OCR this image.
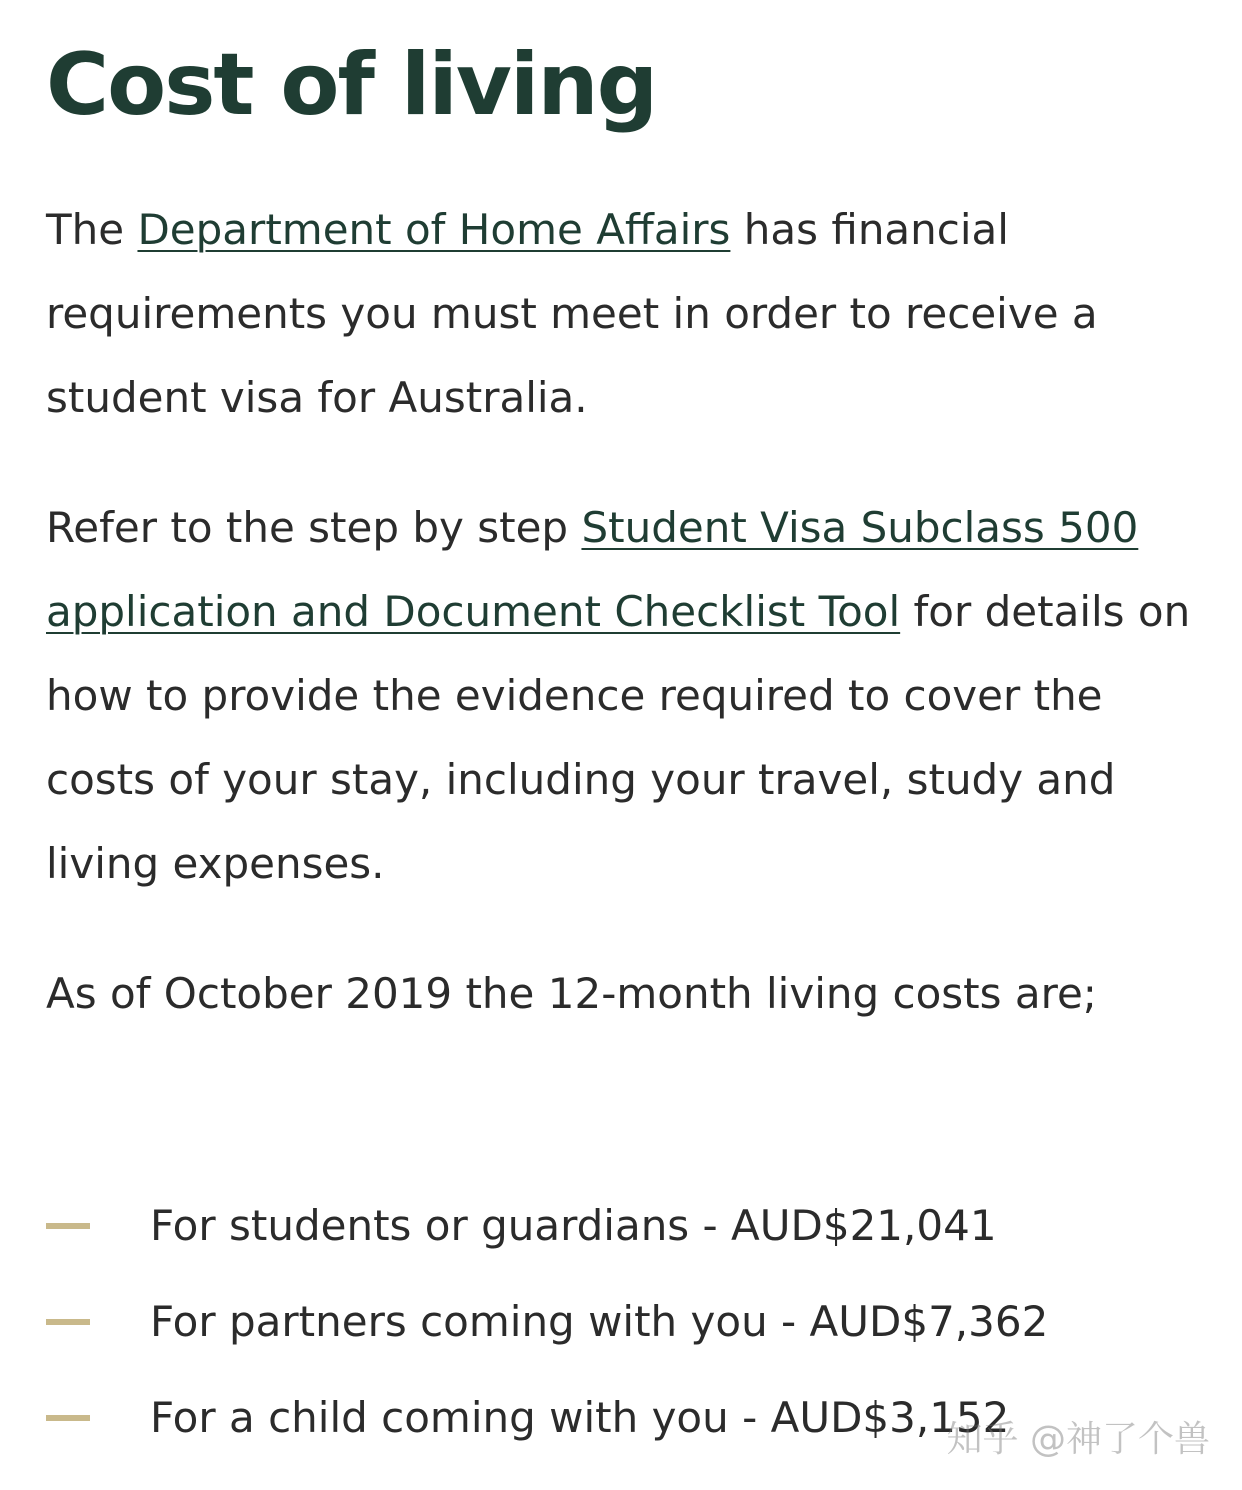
Cost of living

The Department of Home Affairs has financial requirements you must meet in order to receive a student visa for Australia.

Refer to the step by step Student Visa Subclass 500 application and Document Checklist Tool for details on how to provide the evidence required to cover the costs of your stay, including your travel, study and living expenses.

As of October 2019 the 12-month living costs are;

For students or guardians - AUD$21,041
For partners coming with you - AUD$7,362
For a child coming with you - AUD$3,152
知乎 @神了个兽
